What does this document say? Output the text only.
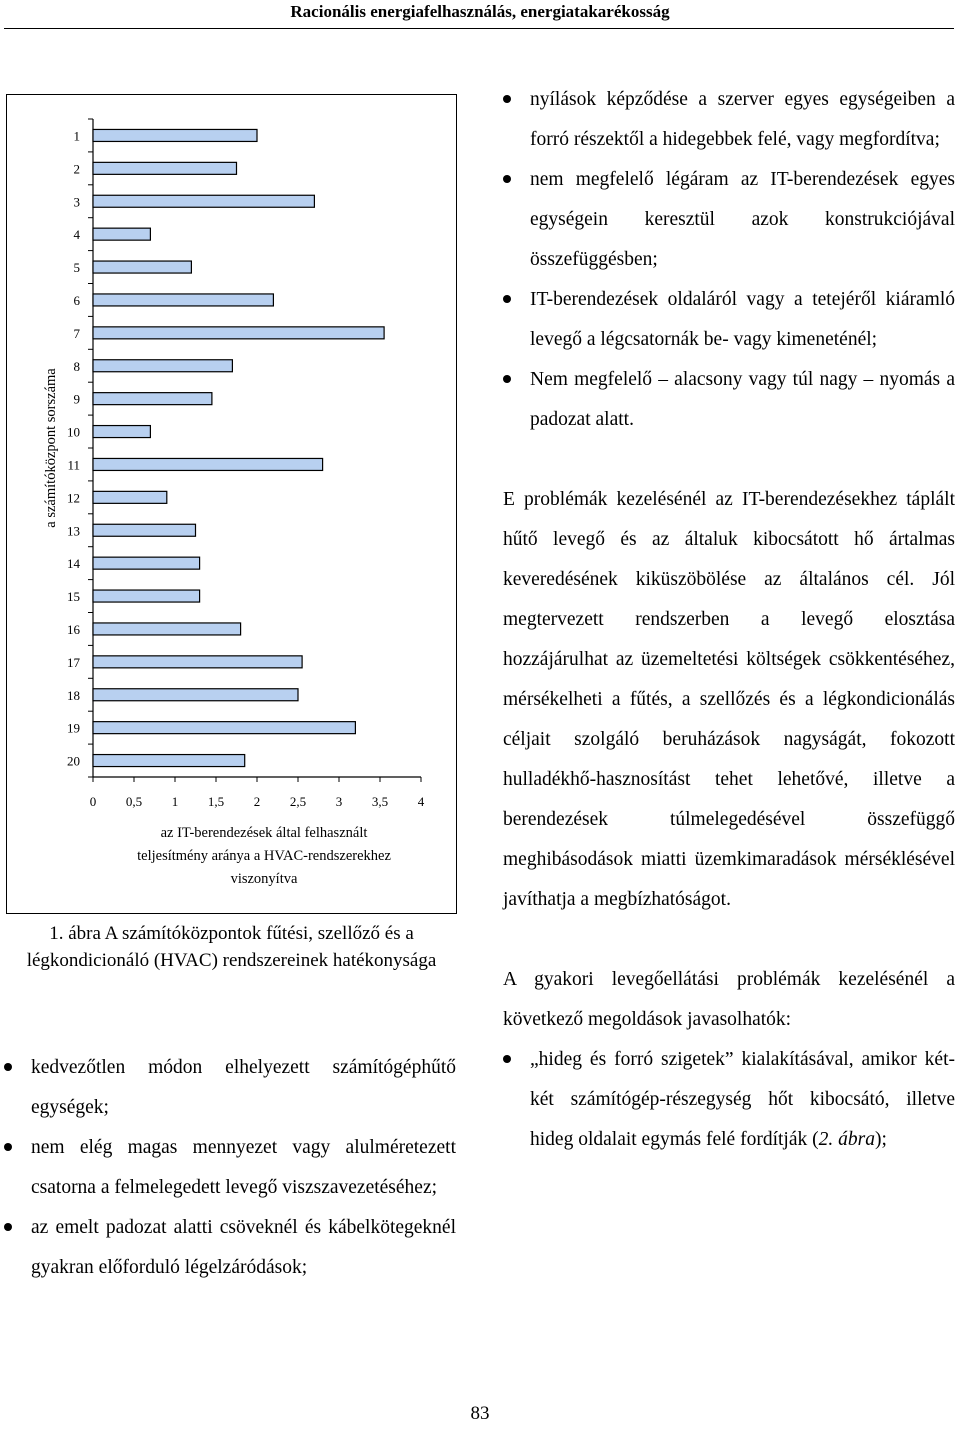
Racionális energiafelhasználás, energiatakarékosság
1
2
3
4
5
6
7
8
9
10
11
12
13
14
15
16
17
18
19
20
0 0,5 1 1,5 2 2,5 3 3,5 4
a számítóközpont sorszáma
az IT-berendezések által felhasznált teljesítmény aránya a HVAC-rendszerekhez viszonyítva
1. ábra A számítóközpontok fűtési, szellőző és a légkondicionáló (HVAC) rendszereinek hatékonysága
kedvezőtlen módon elhelyezett számítógéphűtő egységek;
nem elég magas mennyezet vagy alulméretezett csatorna a felmelegedett levegő viszszavezetéséhez;
az emelt padozat alatti csöveknél és kábelkötegeknél gyakran előforduló légelzáródások;
nyílások képződése a szerver egyes egységeiben a forró részektől a hidegebbek felé, vagy megfordítva;
nem megfelelő légáram az IT-berendezések egyes egységein keresztül azok konstrukciójával összefüggésben;
IT-berendezések oldaláról vagy a tetejéről kiáramló levegő a légcsatornák be- vagy kimeneténél;
Nem megfelelő – alacsony vagy túl nagy – nyomás a padozat alatt.

E problémák kezelésénél az IT-berendezésekhez táplált hűtő levegő és az általuk kibocsátott hő ártalmas keveredésének kiküszöbölése az általános cél. Jól megtervezett rendszerben a levegő elosztása hozzájárulhat az üzemeltetési költségek csökkentéséhez, mérsékelheti a fűtés, a szellőzés és a légkondicionálás céljait szolgáló beruházások nagyságát, fokozott hulladékhő-hasznosítást tehet lehetővé, illetve a berendezések túlmelegedésével összefüggő meghibásodások miatti üzemkimaradások mérséklésével javíthatja a megbízhatóságot.

A gyakori levegőellátási problémák kezelésénél a következő megoldások javasolhatók:

„hideg és forró szigetek” kialakításával, amikor két-két számítógép-részegység hőt kibocsátó, illetve hideg oldalait egymás felé fordítják (2. ábra);
83
